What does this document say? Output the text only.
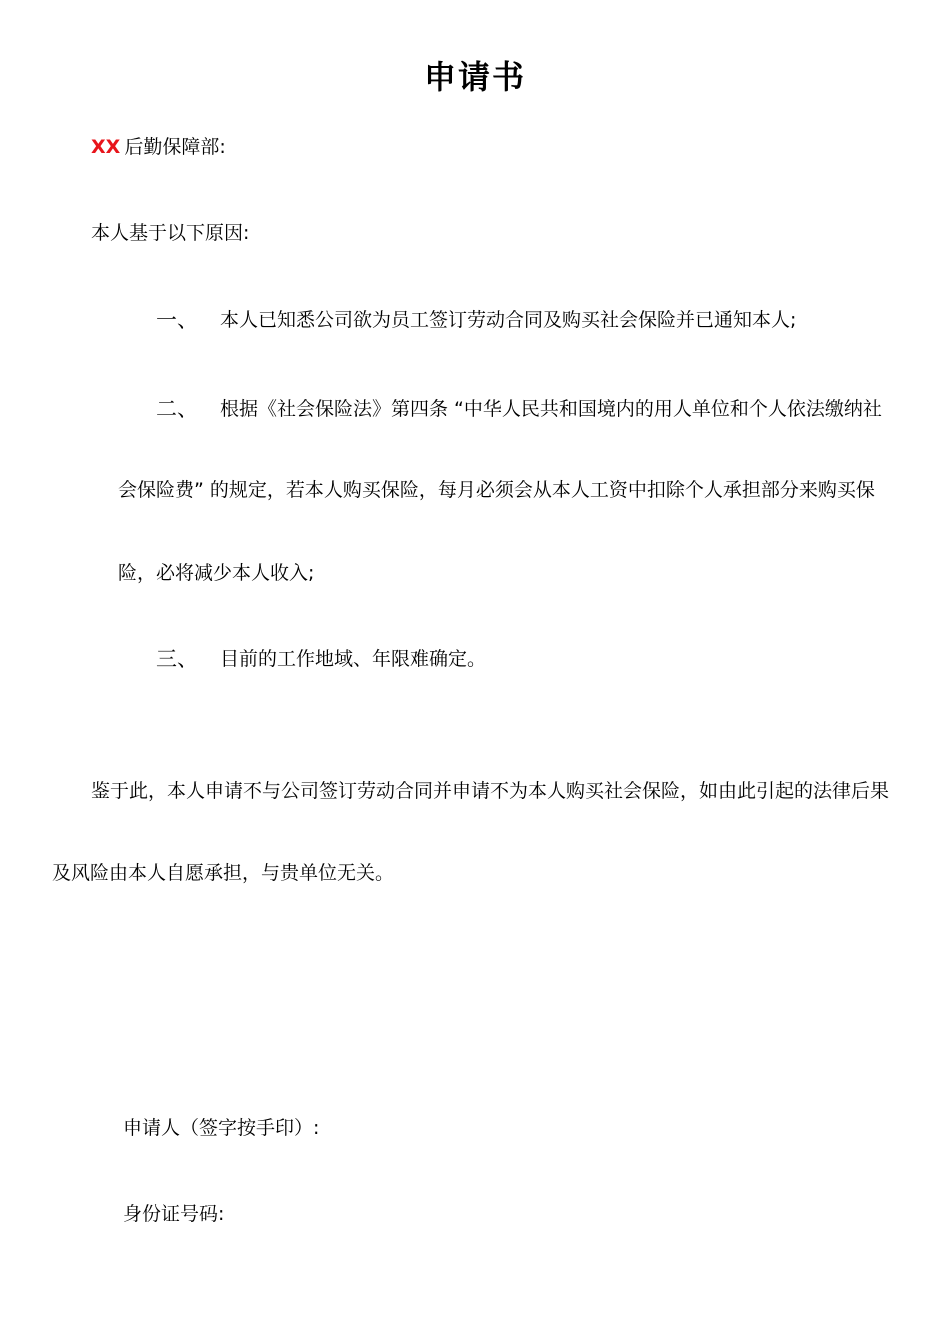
申请书
XX 后勤保障部:
本人基于以下原因:
一、 本人已知悉公司欲为员工签订劳动合同及购买社会保险并已通知本人;
二、 根据《社会保险法》第四条 “中华人民共和国境内的用人单位和个人依法缴纳社
会保险费” 的规定，若本人购买保险，每月必须会从本人工资中扣除个人承担部分来购买保
险，必将减少本人收入;
三、 目前的工作地域、年限难确定。
鉴于此，本人申请不与公司签订劳动合同并申请不为本人购买社会保险，如由此引起的法律后果
及风险由本人自愿承担，与贵单位无关。
申请人（签字按手印）:
身份证号码:
